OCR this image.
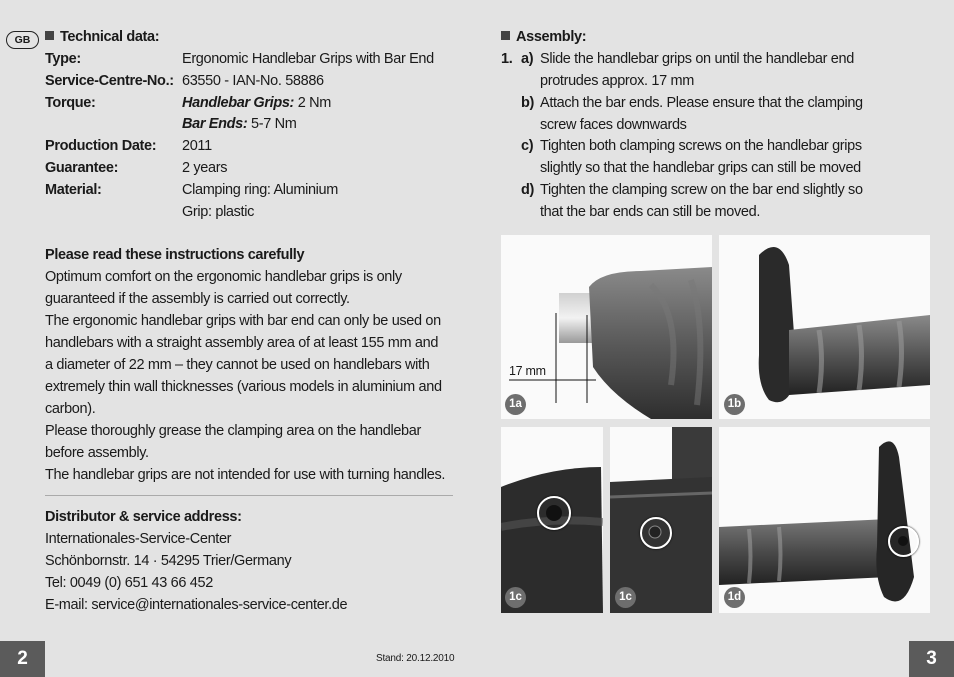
GB	Technical data:
Type:	Ergonomic Handlebar Grips with Bar End
Service-Centre-No.: 63550 - IAN-No. 58886
Torque:	Handlebar Grips: 2 Nm
Bar Ends: 5-7 Nm
Production Date: 2011
Guarantee:	2 years
Material:	Clamping ring: Aluminium
Grip: plastic
Please read these instructions carefully
Optimum comfort on the ergonomic handlebar grips is only
guaranteed if the assembly is carried out correctly.
The ergonomic handlebar grips with bar end can only be used on
handlebars with a straight assembly area of at least 155 mm and
a diameter of 22 mm – they cannot be used on handlebars with
extremely thin wall thicknesses (various models in aluminium and
carbon).
Please thoroughly grease the clamping area on the handlebar
before assembly.
The handlebar grips are not intended for use with turning handles.
Distributor & service address:
Internationales-Service-Center
Schönbornstr. 14 · 54295 Trier/Germany
Tel: 0049 (0) 651 43 66 452
E-mail: service@internationales-service-center.de
2	3
Stand: 20.12.2010
Assembly:
1. a) Slide the handlebar grips on until the handlebar end
protrudes approx. 17 mm
b) Attach the bar ends. Please ensure that the clamping
screw faces downwards
c) Tighten both clamping screws on the handlebar grips
slightly so that the handlebar grips can still be moved
d) Tighten the clamping screw on the bar end slightly so
that the bar ends can still be moved.
1a
17 mm
1b
1c	1c	1d
